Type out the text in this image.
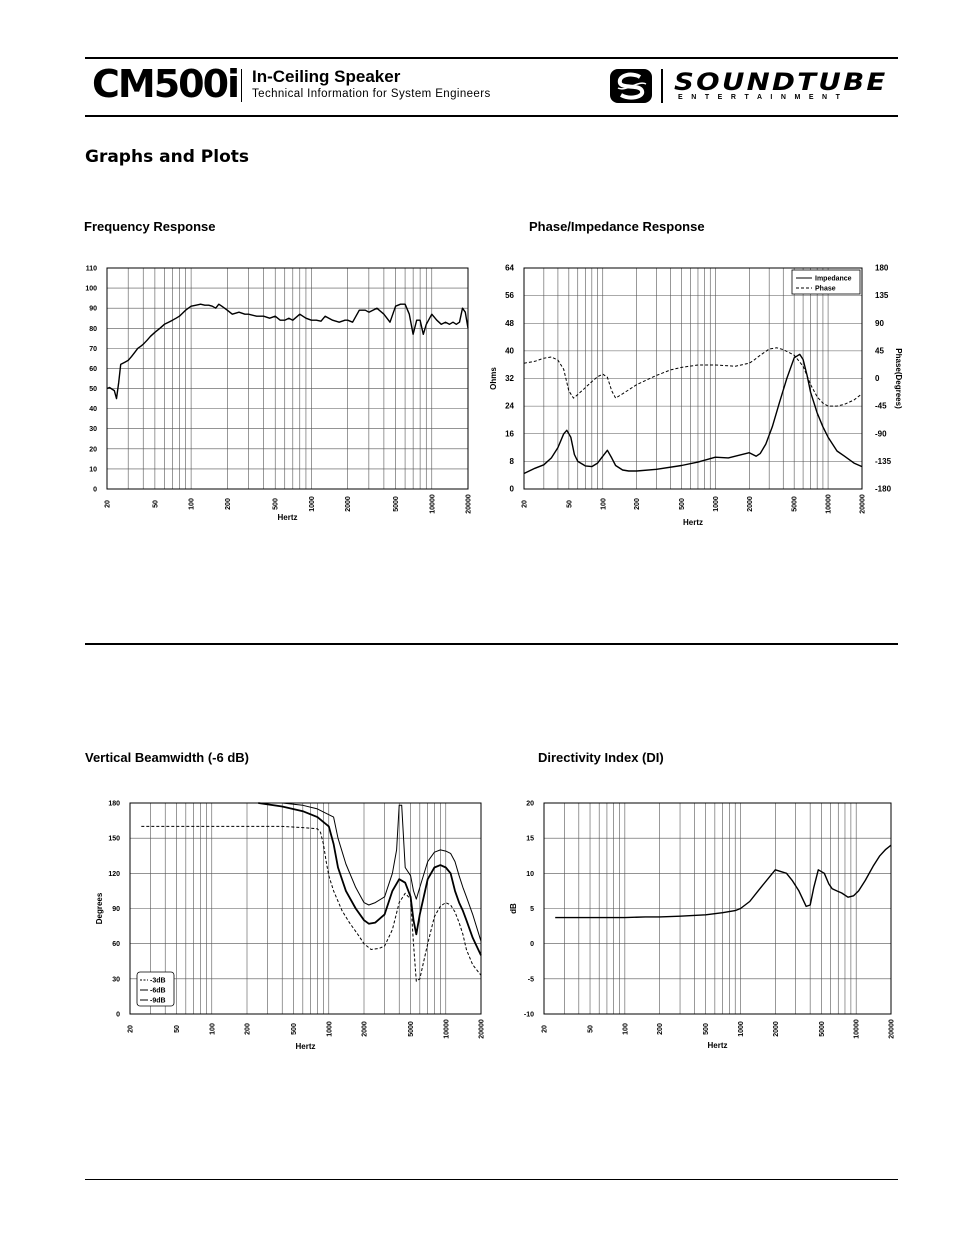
CM500i In-Ceiling Speaker
Technical Information for System Engineers	SOUNDTUBE
E N T E R T A I N M E N T
Graphs and Plots
Frequency Response	Phase/Impedance Response
Vertical Beamwidth (-6 dB)	Directivity Index (DI)
0
10
20
30
40
50
60
70
80
90
100
110
20	50	100	200	500	1000	2000	5000	10000	20000
Hertz
0
8
16
24
32
40
48
56
64
-180
-135
-90
-45
0
45
90
135
180
20	50	100	200	500	1000	2000	5000	10000	20000
Hertz
Ohms	Phase(Degrees)
Impedance
Phase
0
30
60
90
120
150
180
20	50	100	200	500	1000	2000	5000	10000	20000
Hertz
Degrees
-3dB
-6dB
-9dB
-10
-5
0
5
10
15
20
20	50	100	200	500	1000	2000	5000	10000	20000
Hertz
dB
